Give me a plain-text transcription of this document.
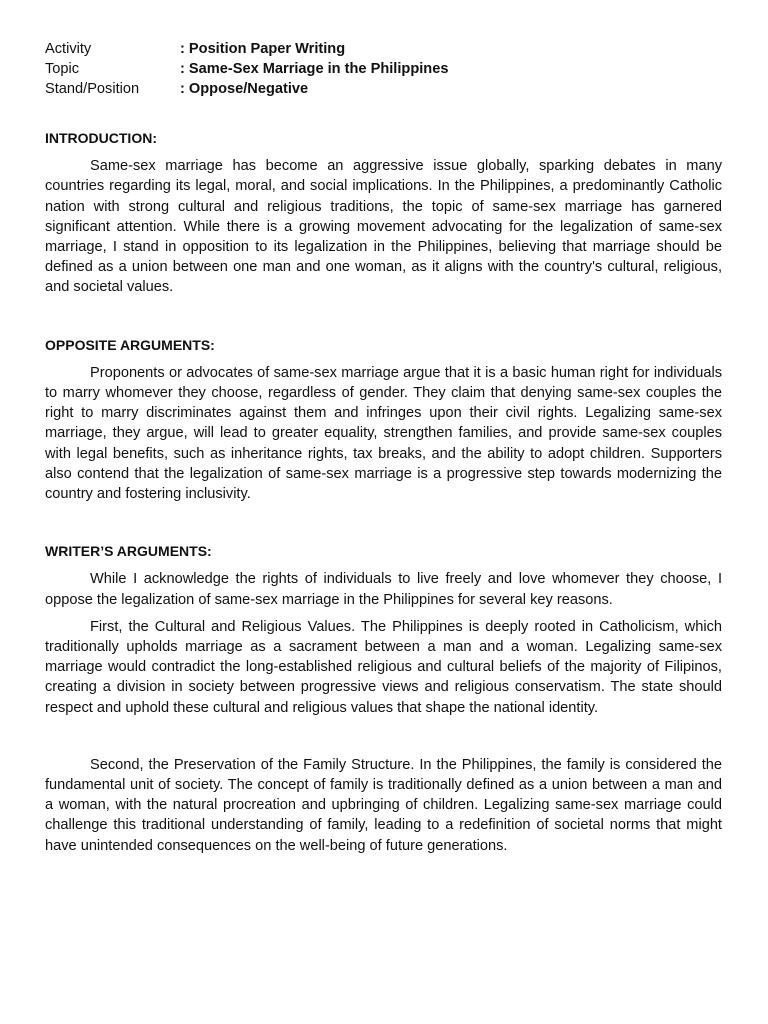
Activity	: Position Paper Writing
Topic	: Same-Sex Marriage in the Philippines
Stand/Position	: Oppose/Negative

INTRODUCTION:

Same-sex marriage has become an aggressive issue globally, sparking debates in many countries regarding its legal, moral, and social implications. In the Philippines, a predominantly Catholic nation with strong cultural and religious traditions, the topic of same-sex marriage has garnered significant attention. While there is a growing movement advocating for the legalization of same-sex marriage, I stand in opposition to its legalization in the Philippines, believing that marriage should be defined as a union between one man and one woman, as it aligns with the country's cultural, religious, and societal values.

OPPOSITE ARGUMENTS:

Proponents or advocates of same-sex marriage argue that it is a basic human right for individuals to marry whomever they choose, regardless of gender. They claim that denying same-sex couples the right to marry discriminates against them and infringes upon their civil rights. Legalizing same-sex marriage, they argue, will lead to greater equality, strengthen families, and provide same-sex couples with legal benefits, such as inheritance rights, tax breaks, and the ability to adopt children. Supporters also contend that the legalization of same-sex marriage is a progressive step towards modernizing the country and fostering inclusivity.

WRITER’S ARGUMENTS:

While I acknowledge the rights of individuals to live freely and love whomever they choose, I oppose the legalization of same-sex marriage in the Philippines for several key reasons.

First, the Cultural and Religious Values. The Philippines is deeply rooted in Catholicism, which traditionally upholds marriage as a sacrament between a man and a woman. Legalizing same-sex marriage would contradict the long-established religious and cultural beliefs of the majority of Filipinos, creating a division in society between progressive views and religious conservatism. The state should respect and uphold these cultural and religious values that shape the national identity.

Second, the Preservation of the Family Structure. In the Philippines, the family is considered the fundamental unit of society. The concept of family is traditionally defined as a union between a man and a woman, with the natural procreation and upbringing of children. Legalizing same-sex marriage could challenge this traditional understanding of family, leading to a redefinition of societal norms that might have unintended consequences on the well-being of future generations.
